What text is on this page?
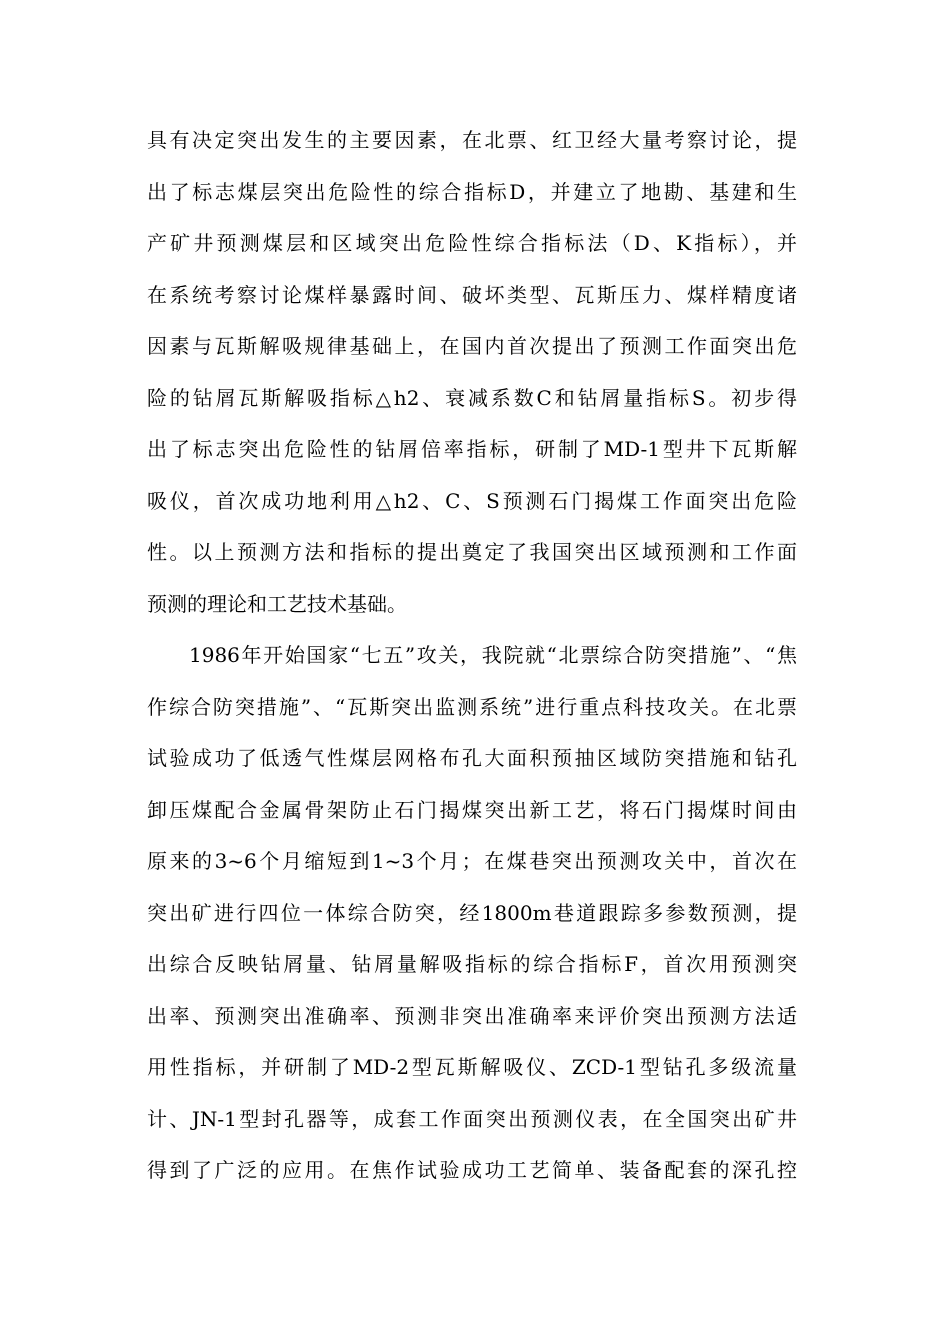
具有决定突出发生的主要因素，在北票、红卫经大量考察讨论，提
出了标志煤层突出危险性的综合指标D，并建立了地勘、基建和生
产矿井预测煤层和区域突出危险性综合指标法（D、K指标），并
在系统考察讨论煤样暴露时间、破坏类型、瓦斯压力、煤样精度诸
因素与瓦斯解吸规律基础上，在国内首次提出了预测工作面突出危
险的钻屑瓦斯解吸指标△h2、衰减系数C和钻屑量指标S。初步得
出了标志突出危险性的钻屑倍率指标，研制了MD-1型井下瓦斯解
吸仪，首次成功地利用△h2、C、S预测石门揭煤工作面突出危险
性。以上预测方法和指标的提出奠定了我国突出区域预测和工作面
预测的理论和工艺技术基础。
1986年开始国家“七五”攻关，我院就“北票综合防突措施”、“焦
作综合防突措施”、“瓦斯突出监测系统”进行重点科技攻关。在北票
试验成功了低透气性煤层网格布孔大面积预抽区域防突措施和钻孔
卸压煤配合金属骨架防止石门揭煤突出新工艺，将石门揭煤时间由
原来的3~6个月缩短到1~3个月；在煤巷突出预测攻关中，首次在
突出矿进行四位一体综合防突，经1800m巷道跟踪多参数预测，提
出综合反映钻屑量、钻屑量解吸指标的综合指标F，首次用预测突
出率、预测突出准确率、预测非突出准确率来评价突出预测方法适
用性指标，并研制了MD-2型瓦斯解吸仪、ZCD-1型钻孔多级流量
计、JN-1型封孔器等，成套工作面突出预测仪表，在全国突出矿井
得到了广泛的应用。在焦作试验成功工艺简单、装备配套的深孔控
